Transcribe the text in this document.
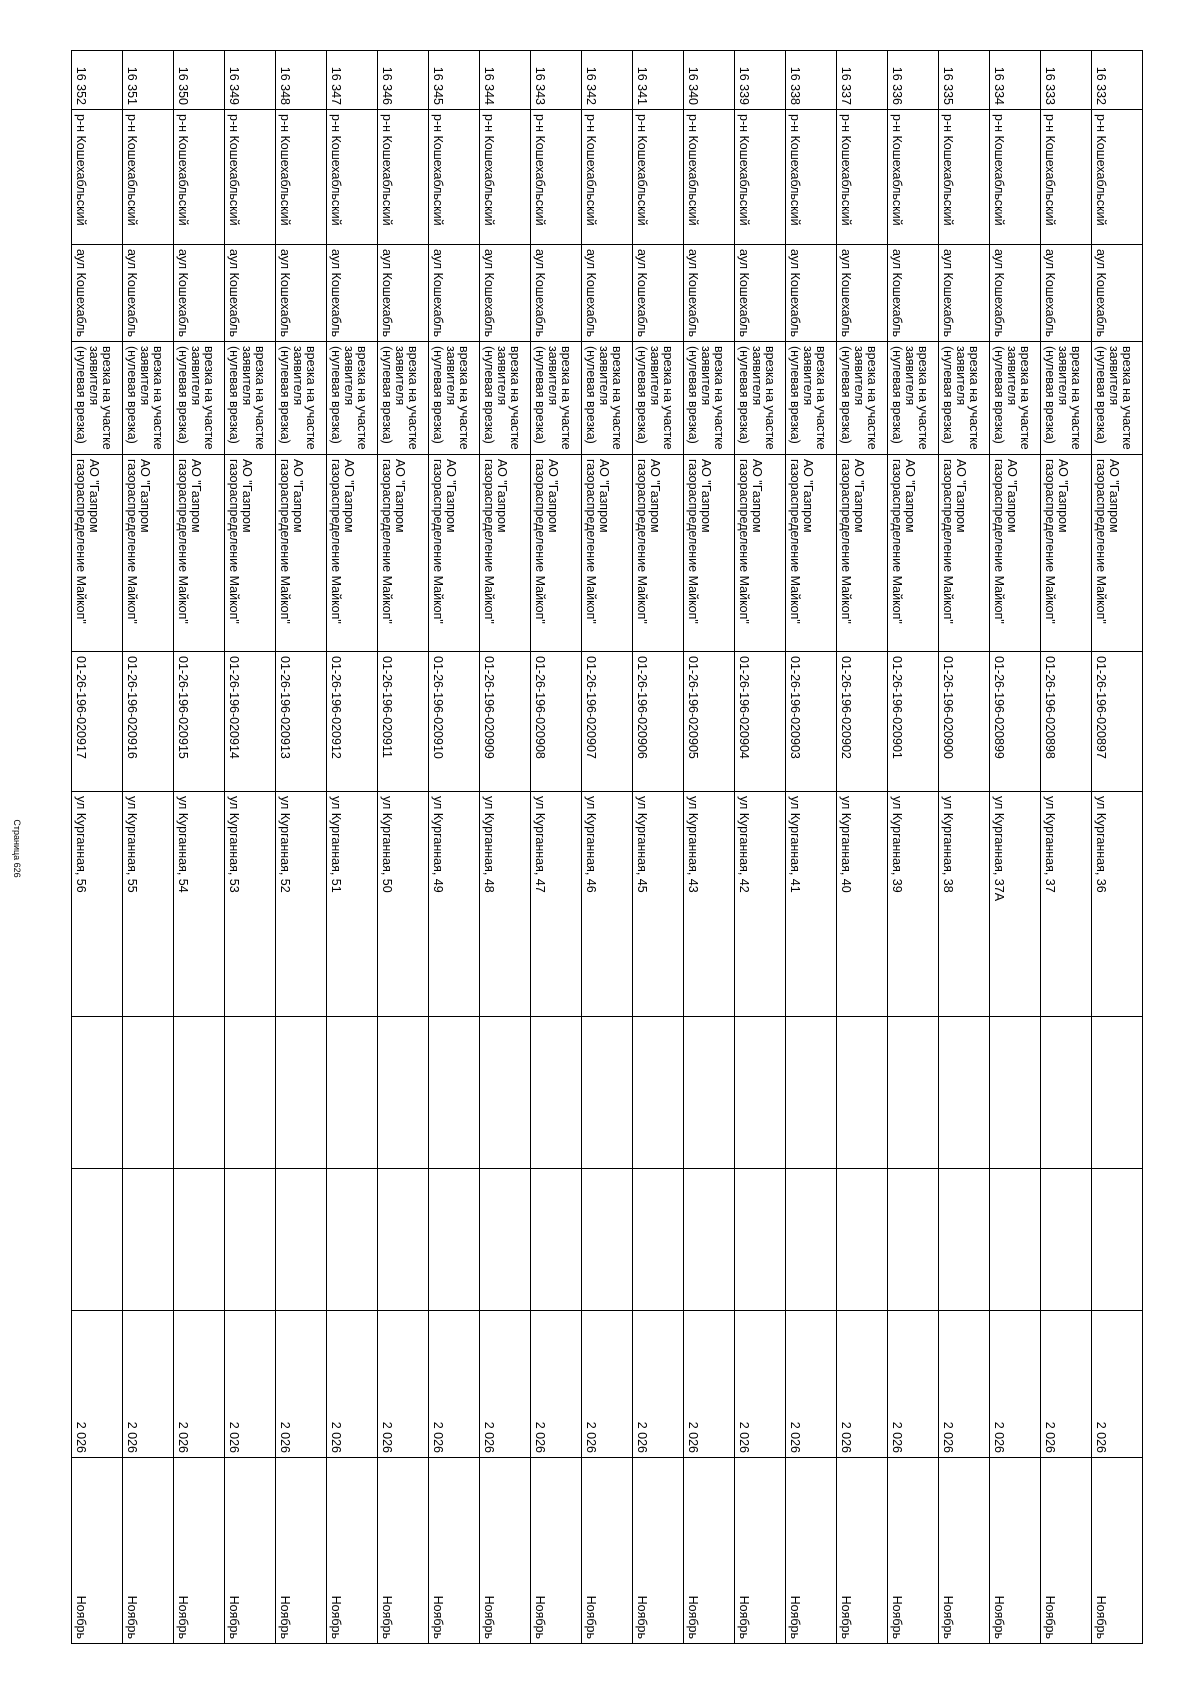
16 332	р-н Кошехабльский	аул Кошехабль	врезка на участке заявителя (нулевая врезка)	АО "Газпром газораспределение Майкоп"	01-26-196-020897	ул Курганная, 36			2 026	Ноябрь
16 333	р-н Кошехабльский	аул Кошехабль	врезка на участке заявителя (нулевая врезка)	АО "Газпром газораспределение Майкоп"	01-26-196-020898	ул Курганная, 37			2 026	Ноябрь
16 334	р-н Кошехабльский	аул Кошехабль	врезка на участке заявителя (нулевая врезка)	АО "Газпром газораспределение Майкоп"	01-26-196-020899	ул Курганная, 37А			2 026	Ноябрь
16 335	р-н Кошехабльский	аул Кошехабль	врезка на участке заявителя (нулевая врезка)	АО "Газпром газораспределение Майкоп"	01-26-196-020900	ул Курганная, 38			2 026	Ноябрь
16 336	р-н Кошехабльский	аул Кошехабль	врезка на участке заявителя (нулевая врезка)	АО "Газпром газораспределение Майкоп"	01-26-196-020901	ул Курганная, 39			2 026	Ноябрь
16 337	р-н Кошехабльский	аул Кошехабль	врезка на участке заявителя (нулевая врезка)	АО "Газпром газораспределение Майкоп"	01-26-196-020902	ул Курганная, 40			2 026	Ноябрь
16 338	р-н Кошехабльский	аул Кошехабль	врезка на участке заявителя (нулевая врезка)	АО "Газпром газораспределение Майкоп"	01-26-196-020903	ул Курганная, 41			2 026	Ноябрь
16 339	р-н Кошехабльский	аул Кошехабль	врезка на участке заявителя (нулевая врезка)	АО "Газпром газораспределение Майкоп"	01-26-196-020904	ул Курганная, 42			2 026	Ноябрь
16 340	р-н Кошехабльский	аул Кошехабль	врезка на участке заявителя (нулевая врезка)	АО "Газпром газораспределение Майкоп"	01-26-196-020905	ул Курганная, 43			2 026	Ноябрь
16 341	р-н Кошехабльский	аул Кошехабль	врезка на участке заявителя (нулевая врезка)	АО "Газпром газораспределение Майкоп"	01-26-196-020906	ул Курганная, 45			2 026	Ноябрь
16 342	р-н Кошехабльский	аул Кошехабль	врезка на участке заявителя (нулевая врезка)	АО "Газпром газораспределение Майкоп"	01-26-196-020907	ул Курганная, 46			2 026	Ноябрь
16 343	р-н Кошехабльский	аул Кошехабль	врезка на участке заявителя (нулевая врезка)	АО "Газпром газораспределение Майкоп"	01-26-196-020908	ул Курганная, 47			2 026	Ноябрь
16 344	р-н Кошехабльский	аул Кошехабль	врезка на участке заявителя (нулевая врезка)	АО "Газпром газораспределение Майкоп"	01-26-196-020909	ул Курганная, 48			2 026	Ноябрь
16 345	р-н Кошехабльский	аул Кошехабль	врезка на участке заявителя (нулевая врезка)	АО "Газпром газораспределение Майкоп"	01-26-196-020910	ул Курганная, 49			2 026	Ноябрь
16 346	р-н Кошехабльский	аул Кошехабль	врезка на участке заявителя (нулевая врезка)	АО "Газпром газораспределение Майкоп"	01-26-196-020911	ул Курганная, 50			2 026	Ноябрь
16 347	р-н Кошехабльский	аул Кошехабль	врезка на участке заявителя (нулевая врезка)	АО "Газпром газораспределение Майкоп"	01-26-196-020912	ул Курганная, 51			2 026	Ноябрь
16 348	р-н Кошехабльский	аул Кошехабль	врезка на участке заявителя (нулевая врезка)	АО "Газпром газораспределение Майкоп"	01-26-196-020913	ул Курганная, 52			2 026	Ноябрь
16 349	р-н Кошехабльский	аул Кошехабль	врезка на участке заявителя (нулевая врезка)	АО "Газпром газораспределение Майкоп"	01-26-196-020914	ул Курганная, 53			2 026	Ноябрь
16 350	р-н Кошехабльский	аул Кошехабль	врезка на участке заявителя (нулевая врезка)	АО "Газпром газораспределение Майкоп"	01-26-196-020915	ул Курганная, 54			2 026	Ноябрь
16 351	р-н Кошехабльский	аул Кошехабль	врезка на участке заявителя (нулевая врезка)	АО "Газпром газораспределение Майкоп"	01-26-196-020916	ул Курганная, 55			2 026	Ноябрь
16 352	р-н Кошехабльский	аул Кошехабль	врезка на участке заявителя (нулевая врезка)	АО "Газпром газораспределение Майкоп"	01-26-196-020917	ул Курганная, 56			2 026	Ноябрь
Страница 626
